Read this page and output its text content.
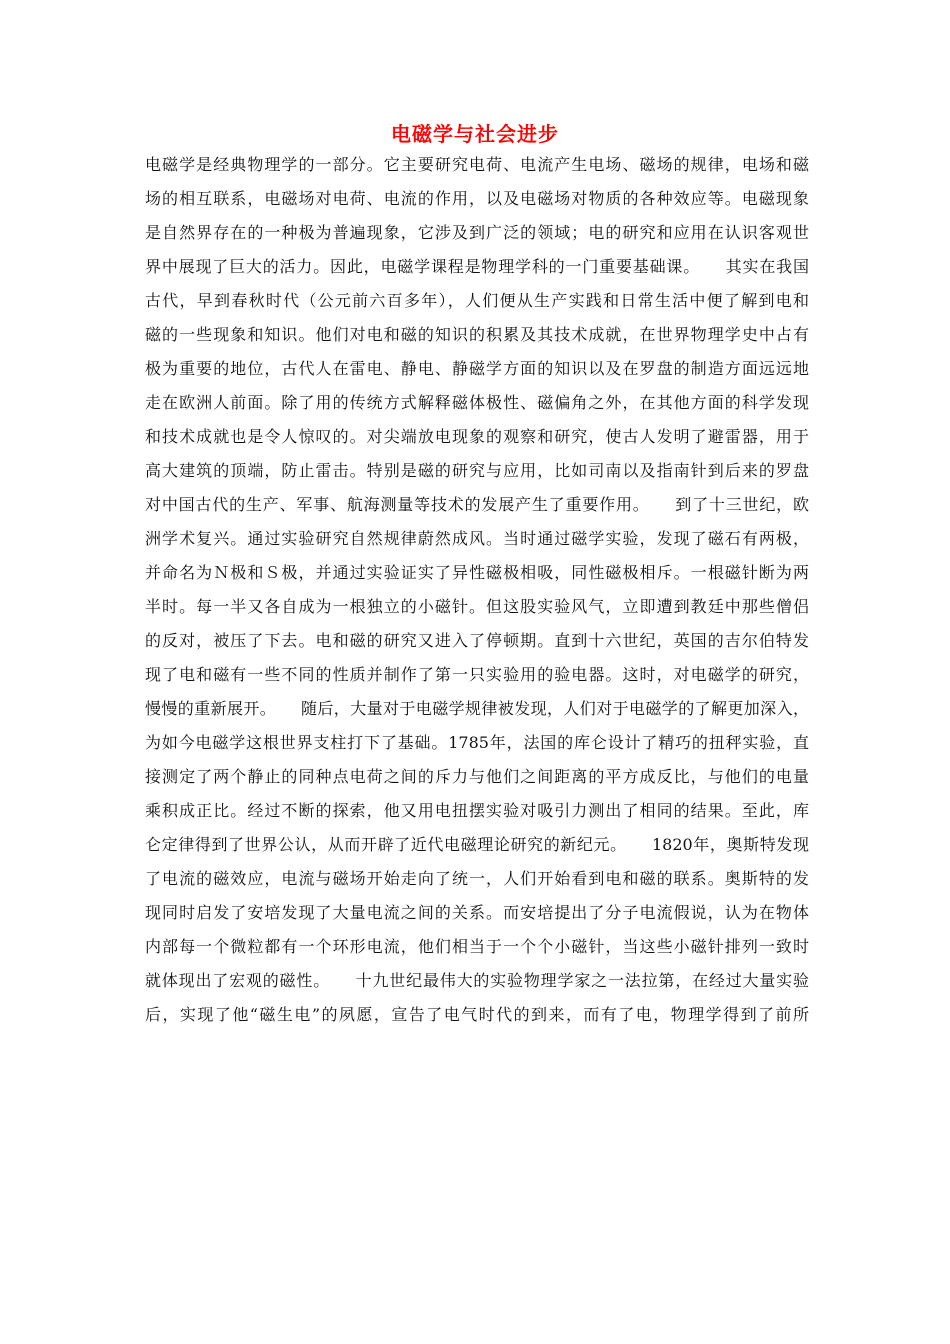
电磁学与社会进步
电磁学是经典物理学的一部分。它主要研究电荷、电流产生电场、磁场的规律，电场和磁
场的相互联系，电磁场对电荷、电流的作用，以及电磁场对物质的各种效应等。电磁现象
是自然界存在的一种极为普遍现象，它涉及到广泛的领域；电的研究和应用在认识客观世
界中展现了巨大的活力。因此，电磁学课程是物理学科的一门重要基础课。　　其实在我国
古代，早到春秋时代（公元前六百多年），人们便从生产实践和日常生活中便了解到电和
磁的一些现象和知识。他们对电和磁的知识的积累及其技术成就，在世界物理学史中占有
极为重要的地位，古代人在雷电、静电、静磁学方面的知识以及在罗盘的制造方面远远地
走在欧洲人前面。除了用的传统方式解释磁体极性、磁偏角之外，在其他方面的科学发现
和技术成就也是令人惊叹的。对尖端放电现象的观察和研究，使古人发明了避雷器，用于
高大建筑的顶端，防止雷击。特别是磁的研究与应用，比如司南以及指南针到后来的罗盘
对中国古代的生产、军事、航海测量等技术的发展产生了重要作用。　　到了十三世纪，欧
洲学术复兴。通过实验研究自然规律蔚然成风。当时通过磁学实验，发现了磁石有两极，
并命名为Ｎ极和Ｓ极，并通过实验证实了异性磁极相吸，同性磁极相斥。一根磁针断为两
半时。每一半又各自成为一根独立的小磁针。但这股实验风气，立即遭到教廷中那些僧侣
的反对，被压了下去。电和磁的研究又进入了停顿期。直到十六世纪，英国的吉尔伯特发
现了电和磁有一些不同的性质并制作了第一只实验用的验电器。这时，对电磁学的研究，
慢慢的重新展开。　　随后，大量对于电磁学规律被发现，人们对于电磁学的了解更加深入，
为如今电磁学这根世界支柱打下了基础。1785年，法国的库仑设计了精巧的扭秤实验，直
接测定了两个静止的同种点电荷之间的斥力与他们之间距离的平方成反比，与他们的电量
乘积成正比。经过不断的探索，他又用电扭摆实验对吸引力测出了相同的结果。至此，库
仑定律得到了世界公认，从而开辟了近代电磁理论研究的新纪元。　　1820年，奥斯特发现
了电流的磁效应，电流与磁场开始走向了统一，人们开始看到电和磁的联系。奥斯特的发
现同时启发了安培发现了大量电流之间的关系。而安培提出了分子电流假说，认为在物体
内部每一个微粒都有一个环形电流，他们相当于一个个小磁针，当这些小磁针排列一致时
就体现出了宏观的磁性。　　十九世纪最伟大的实验物理学家之一法拉第，在经过大量实验
后，实现了他“磁生电”的夙愿，宣告了电气时代的到来，而有了电，物理学得到了前所
